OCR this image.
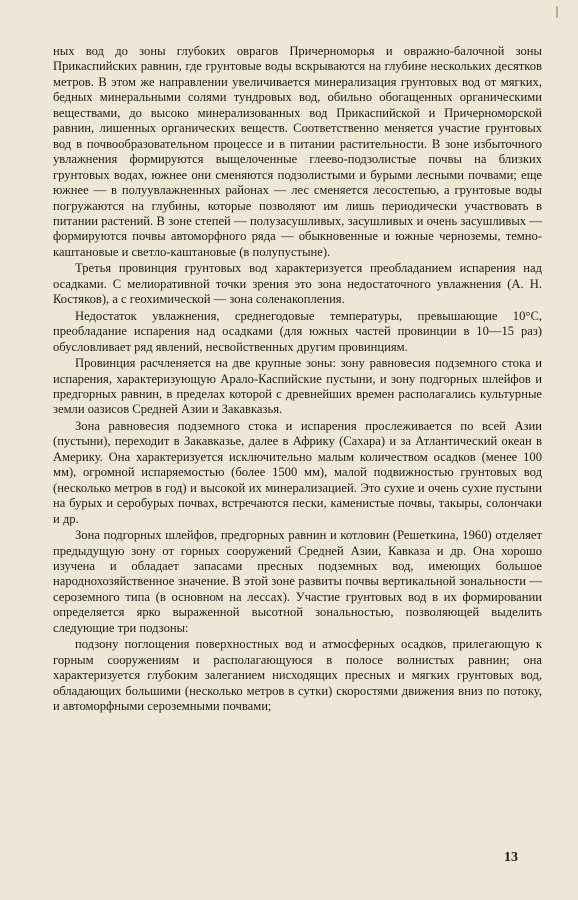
ных вод до зоны глубоких оврагов Причерноморья и овражно-балочной зоны Прикаспийских равнин, где грунтовые воды вскрываются на глубине нескольких десятков метров. В этом же направлении увеличивается минерализация грунтовых вод от мягких, бедных минеральными солями тундровых вод, обильно обогащенных органическими веществами, до высоко минерализованных вод Прикаспийской и Причерноморской равнин, лишенных органических веществ. Соответственно меняется участие грунтовых вод в почвообразовательном процессе и в питании растительности. В зоне избыточного увлажнения формируются выщелоченные глеево-подзолистые почвы на близких грунтовых водах, южнее они сменяются подзолистыми и бурыми лесными почвами; еще южнее — в полуувлажненных районах — лес сменяется лесостепью, а грунтовые воды погружаются на глубины, которые позволяют им лишь периодически участвовать в питании растений. В зоне степей — полузасушливых, засушливых и очень засушливых — формируются почвы автоморфного ряда — обыкновенные и южные черноземы, темно-каштановые и светло-каштановые (в полупустыне).

Третья провинция грунтовых вод характеризуется преобладанием испарения над осадками. С мелиоративной точки зрения это зона недостаточного увлажнения (А. Н. Костяков), а с геохимической — зона соленакопления.

Недостаток увлажнения, среднегодовые температуры, превышающие 10°С, преобладание испарения над осадками (для южных частей провинции в 10—15 раз) обусловливает ряд явлений, несвойственных другим провинциям.

Провинция расчленяется на две крупные зоны: зону равновесия подземного стока и испарения, характеризующую Арало-Каспийские пустыни, и зону подгорных шлейфов и предгорных равнин, в пределах которой с древнейших времен располагались культурные земли оазисов Средней Азии и Закавказья.

Зона равновесия подземного стока и испарения прослеживается по всей Азии (пустыни), переходит в Закавказье, далее в Африку (Сахара) и за Атлантический океан в Америку. Она характеризуется исключительно малым количеством осадков (менее 100 мм), огромной испаряемостью (более 1500 мм), малой подвижностью грунтовых вод (несколько метров в год) и высокой их минерализацией. Это сухие и очень сухие пустыни на бурых и серобурых почвах, встречаются пески, каменистые почвы, такыры, солончаки и др.

Зона подгорных шлейфов, предгорных равнин и котловин (Решеткина, 1960) отделяет предыдущую зону от горных сооружений Средней Азии, Кавказа и др. Она хорошо изучена и обладает запасами пресных подземных вод, имеющих большое народнохозяйственное значение. В этой зоне развиты почвы вертикальной зональности — сероземного типа (в основном на лессах). Участие грунтовых вод в их формировании определяется ярко выраженной высотной зональностью, позволяющей выделить следующие три подзоны:

подзону поглощения поверхностных вод и атмосферных осадков, прилегающую к горным сооружениям и располагающуюся в полосе волнистых равнин; она характеризуется глубоким залеганием нисходящих пресных и мягких грунтовых вод, обладающих большими (несколько метров в сутки) скоростями движения вниз по потоку, и автоморфными сероземными почвами;

13
